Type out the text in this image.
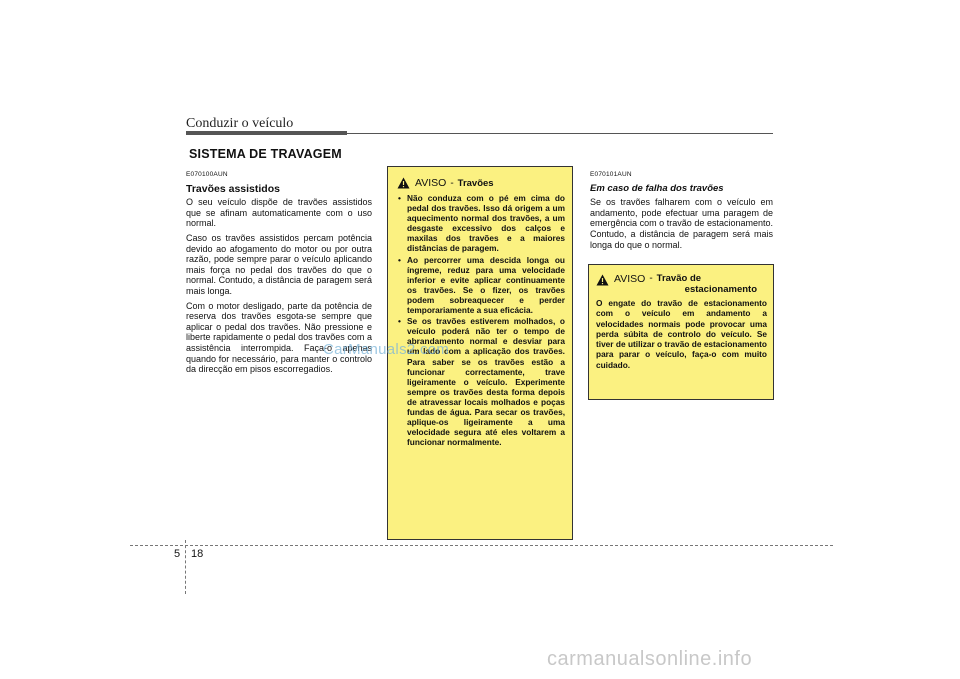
Conduzir o veículo
SISTEMA DE TRAVAGEM
E070100AUN
Travões assistidos

O seu veículo dispõe de travões assistidos que se afinam automaticamente com o uso normal.

Caso os travões assistidos percam potência devido ao afogamento do motor ou por outra razão, pode sempre parar o veículo aplicando mais força no pedal dos travões do que o normal. Contudo, a distância de paragem será mais longa.

Com o motor desligado, parte da potência de reserva dos travões esgota-se sempre que aplicar o pedal dos travões. Não pressione e liberte rapidamente o pedal dos travões com a assistência interrompida. Faça-o apenas quando for necessário, para manter o controlo da direcção em pisos escorregadios.

AVISO - Travões
• Não conduza com o pé em cima do pedal dos travões. Isso dá origem a um aquecimento normal dos travões, a um desgaste excessivo dos calços e maxilas dos travões e a maiores distâncias de paragem.
• Ao percorrer uma descida longa ou íngreme, reduz para uma velocidade inferior e evite aplicar continuamente os travões. Se o fizer, os travões podem sobreaquecer e perder temporariamente a sua eficácia.
• Se os travões estiverem molhados, o veículo poderá não ter o tempo de abrandamento normal e desviar para um lado com a aplicação dos travões. Para saber se os travões estão a funcionar correctamente, trave ligeiramente o veículo. Experimente sempre os travões desta forma depois de atravessar locais molhados e poças fundas de água. Para secar os travões, aplique-os ligeiramente a uma velocidade segura até eles voltarem a funcionar normalmente.
E070101AUN
Em caso de falha dos travões

Se os travões falharem com o veículo em andamento, pode efectuar uma paragem de emergência com o travão de estacionamento. Contudo, a distância de paragem será mais longa do que o normal.

AVISO - Travão de
estacionamento
O engate do travão de estacionamento com o veículo em andamento a velocidades normais pode provocar uma perda súbita de controlo do veículo. Se tiver de utilizar o travão de estacionamento para parar o veículo, faça-o com muito cuidado.
5 18
CarManuals2.com
carmanualsonline.info
